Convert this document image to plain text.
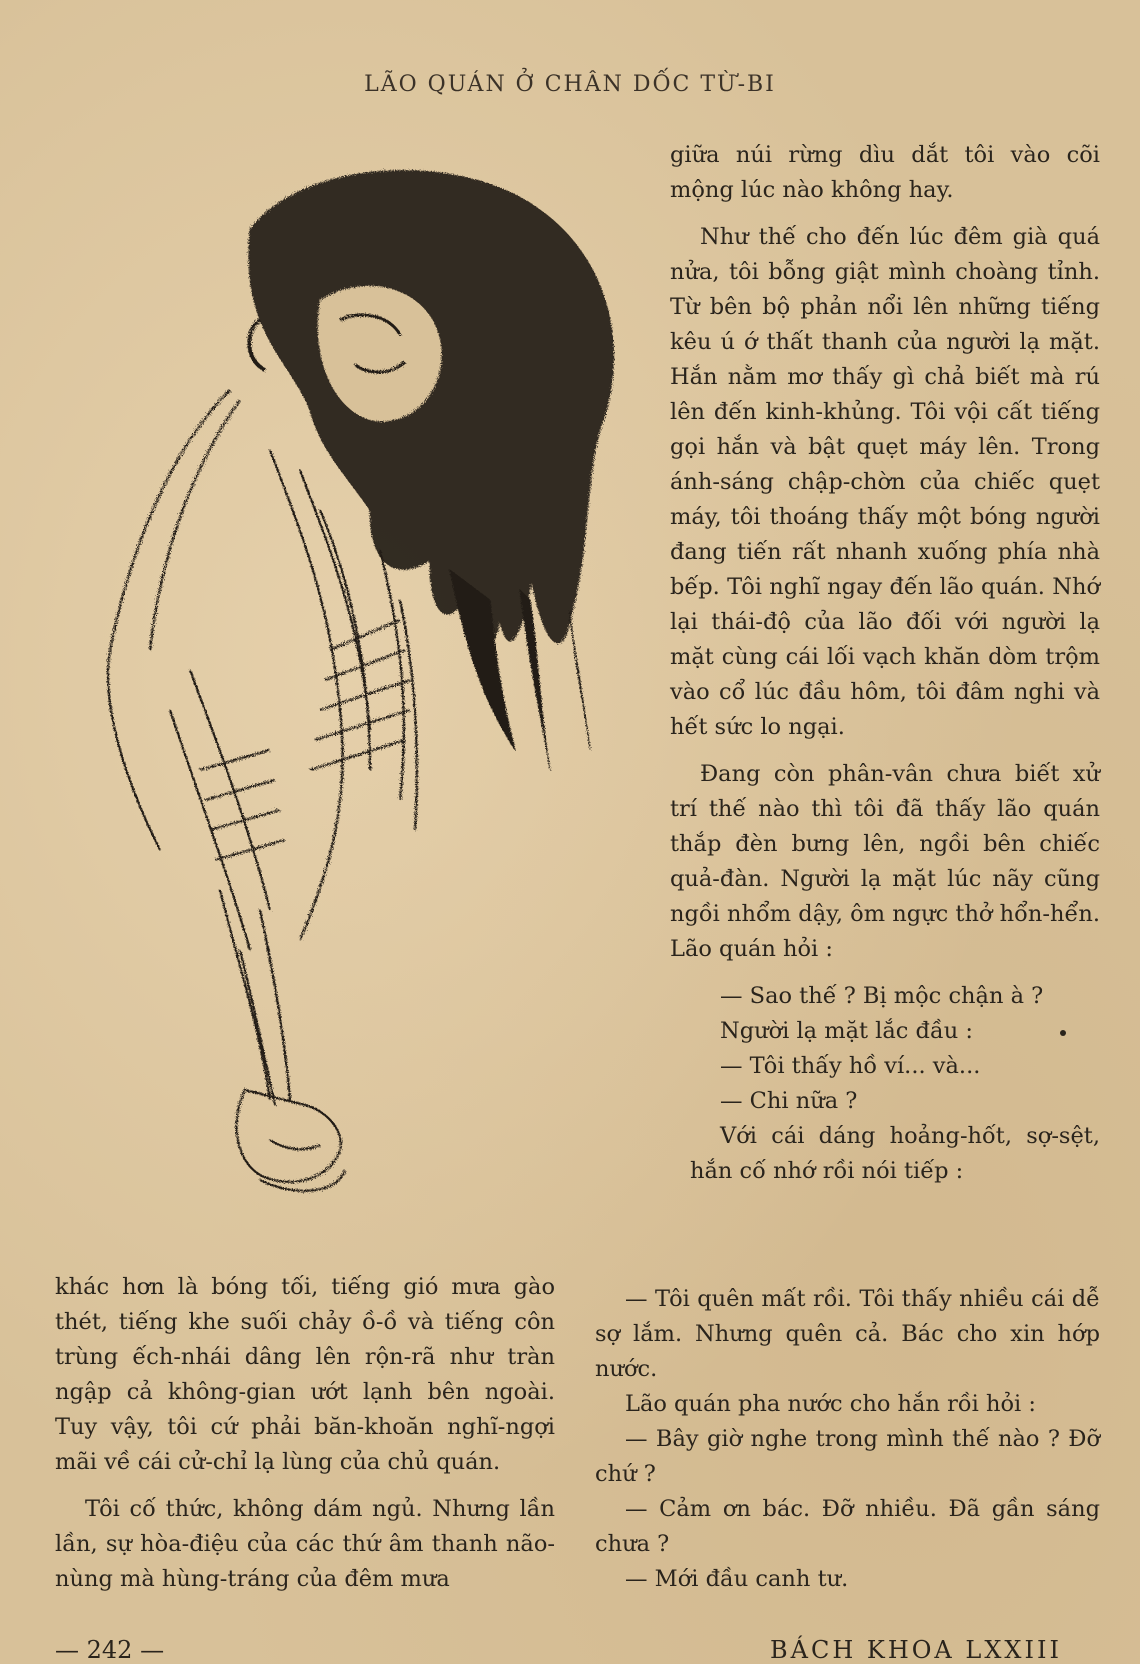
LÃO QUÁN Ở CHÂN DỐC TỪ-BI

giữa núi rừng dìu dắt tôi vào cõi mộng lúc nào không hay.

Như thế cho đến lúc đêm già quá nửa, tôi bỗng giật mình choàng tỉnh. Từ bên bộ phản nổi lên những tiếng kêu ú ớ thất thanh của người lạ mặt. Hắn nằm mơ thấy gì chả biết mà rú lên đến kinh-khủng. Tôi vội cất tiếng gọi hắn và bật quẹt máy lên. Trong ánh-sáng chập-chờn của chiếc quẹt máy, tôi thoáng thấy một bóng người đang tiến rất nhanh xuống phía nhà bếp. Tôi nghĩ ngay đến lão quán. Nhớ lại thái-độ của lão đối với người lạ mặt cùng cái lối vạch khăn dòm trộm vào cổ lúc đầu hôm, tôi đâm nghi và hết sức lo ngại.

Đang còn phân-vân chưa biết xử trí thế nào thì tôi đã thấy lão quán thắp đèn bưng lên, ngồi bên chiếc quả-đàn. Người lạ mặt lúc nãy cũng ngồi nhổm dậy, ôm ngực thở hổn-hển. Lão quán hỏi :

— Sao thế ? Bị mộc chận à ?

Người lạ mặt lắc đầu :

— Tôi thấy hồ ví... và...

— Chi nữa ?

Với cái dáng hoảng-hốt, sợ-sệt, hắn cố nhớ rồi nói tiếp :

khác hơn là bóng tối, tiếng gió mưa gào thét, tiếng khe suối chảy ồ-ồ và tiếng côn trùng ếch-nhái dâng lên rộn-rã như tràn ngập cả không-gian ướt lạnh bên ngoài. Tuy vậy, tôi cứ phải băn-khoăn nghĩ-ngợi mãi về cái cử-chỉ lạ lùng của chủ quán.

Tôi cố thức, không dám ngủ. Nhưng lần lần, sự hòa-điệu của các thứ âm thanh não-nùng mà hùng-tráng của đêm mưa

— Tôi quên mất rồi. Tôi thấy nhiều cái dễ sợ lắm. Nhưng quên cả. Bác cho xin hớp nước.

Lão quán pha nước cho hắn rồi hỏi :

— Bây giờ nghe trong mình thế nào ? Đỡ chứ ?

— Cảm ơn bác. Đỡ nhiều. Đã gần sáng chưa ?

— Mới đầu canh tư.

— 242 —	BÁCH KHOA LXXIII
